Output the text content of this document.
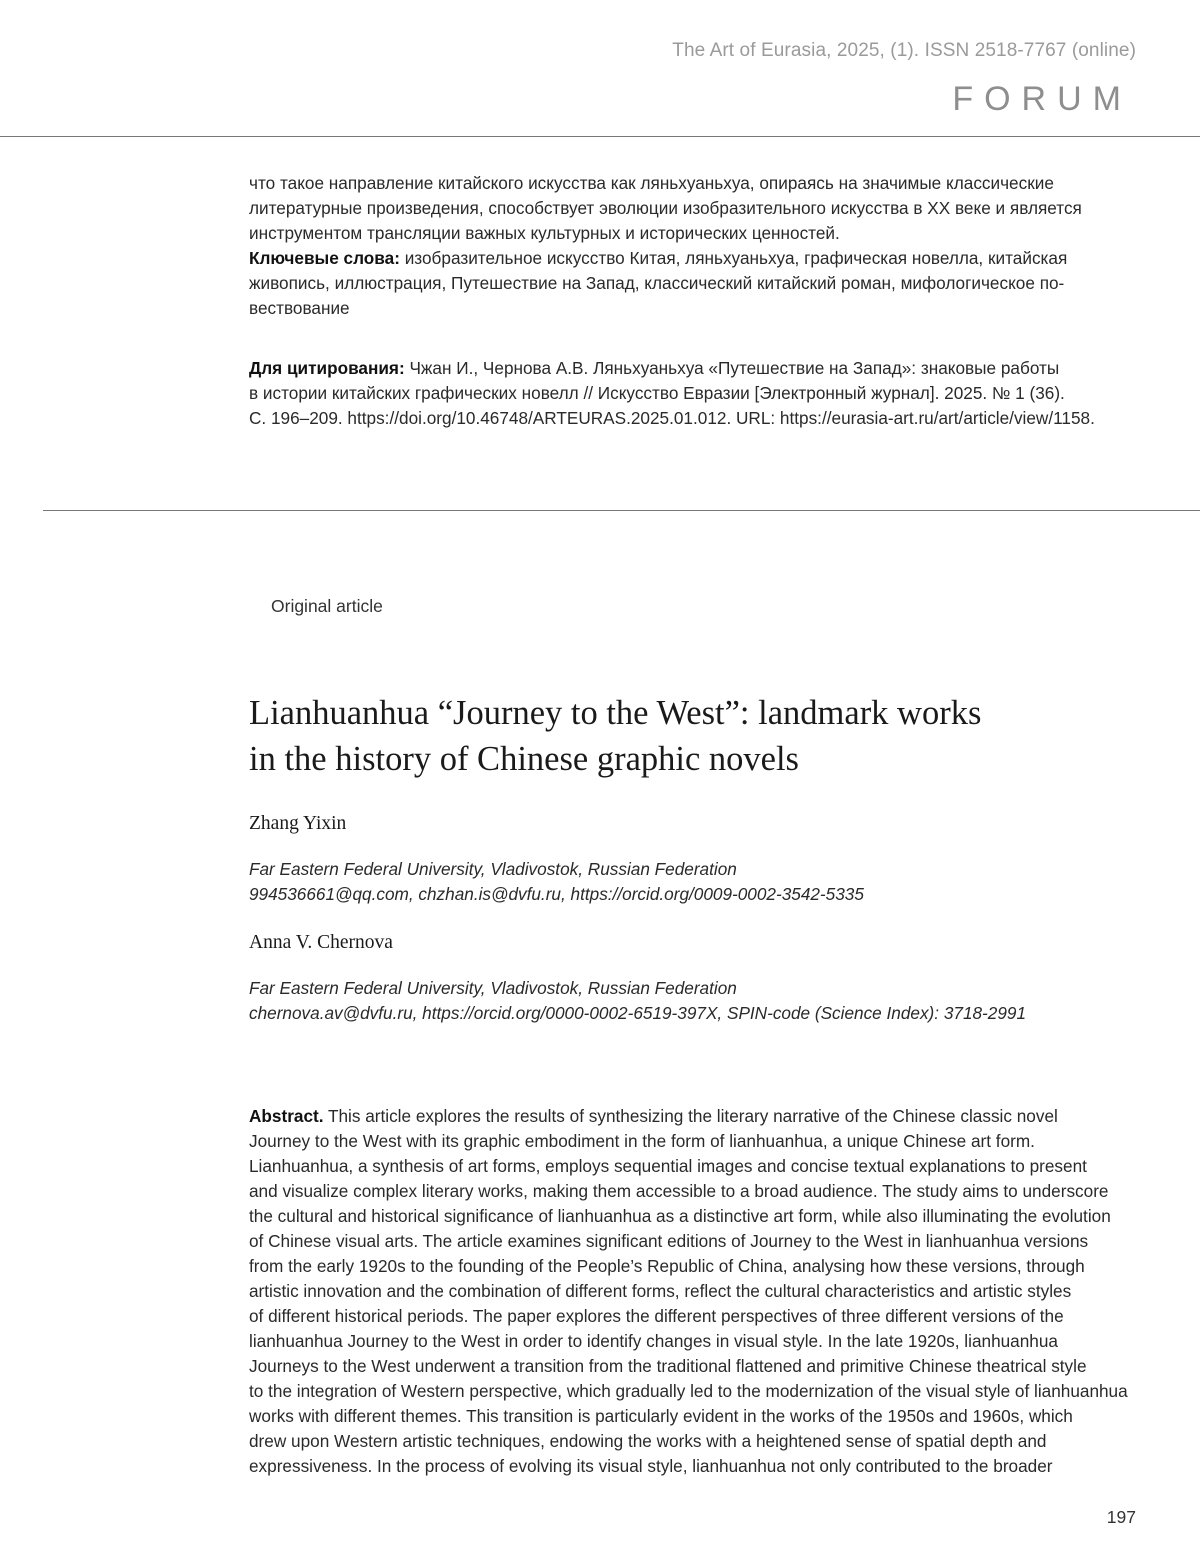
The Art of Eurasia, 2025, (1). ISSN 2518-7767 (online)
FORUM

что такое направление китайского искусства как ляньхуаньхуа, опираясь на значимые классические

литературные произведения, способствует эволюции изобразительного искусства в XX веке и является

инструментом трансляции важных культурных и исторических ценностей.

Ключевые слова: изобразительное искусство Китая, ляньхуаньхуа, графическая новелла, китайская

живопись, иллюстрация, Путешествие на Запад, классический китайский роман, мифологическое по-

вествование

Для цитирования: Чжан И., Чернова А.В. Ляньхуаньхуа «Путешествие на Запад»: знаковые работы

в истории китайских графических новелл // Искусство Евразии [Электронный журнал]. 2025. № 1 (36).

С. 196–209. https://doi.org/10.46748/ARTEURAS.2025.01.012. URL: https://eurasia-art.ru/art/article/view/1158.

Original article
Lianhuanhua “Journey to the West”: landmark works
in the history of Chinese graphic novels
Zhang Yixin

Far Eastern Federal University, Vladivostok, Russian Federation

994536661@qq.com, chzhan.is@dvfu.ru, https://orcid.org/0009-0002-3542-5335

Anna V. Chernova

Far Eastern Federal University, Vladivostok, Russian Federation

chernova.av@dvfu.ru, https://orcid.org/0000-0002-6519-397X, SPIN-code (Science Index): 3718-2991

Abstract. This article explores the results of synthesizing the literary narrative of the Chinese classic novel

Journey to the West with its graphic embodiment in the form of lianhuanhua, a unique Chinese art form.

Lianhuanhua, a synthesis of art forms, employs sequential images and concise textual explanations to present

and visualize complex literary works, making them accessible to a broad audience. The study aims to underscore

the cultural and historical significance of lianhuanhua as a distinctive art form, while also illuminating the evolution

of Chinese visual arts. The article examines significant editions of Journey to the West in lianhuanhua versions

from the early 1920s to the founding of the People’s Republic of China, analysing how these versions, through

artistic innovation and the combination of different forms, reflect the cultural characteristics and artistic styles

of different historical periods. The paper explores the different perspectives of three different versions of the

lianhuanhua Journey to the West in order to identify changes in visual style. In the late 1920s, lianhuanhua

Journeys to the West underwent a transition from the traditional flattened and primitive Chinese theatrical style

to the integration of Western perspective, which gradually led to the modernization of the visual style of lianhuanhua

works with different themes. This transition is particularly evident in the works of the 1950s and 1960s, which

drew upon Western artistic techniques, endowing the works with a heightened sense of spatial depth and

expressiveness. In the process of evolving its visual style, lianhuanhua not only contributed to the broader

197
